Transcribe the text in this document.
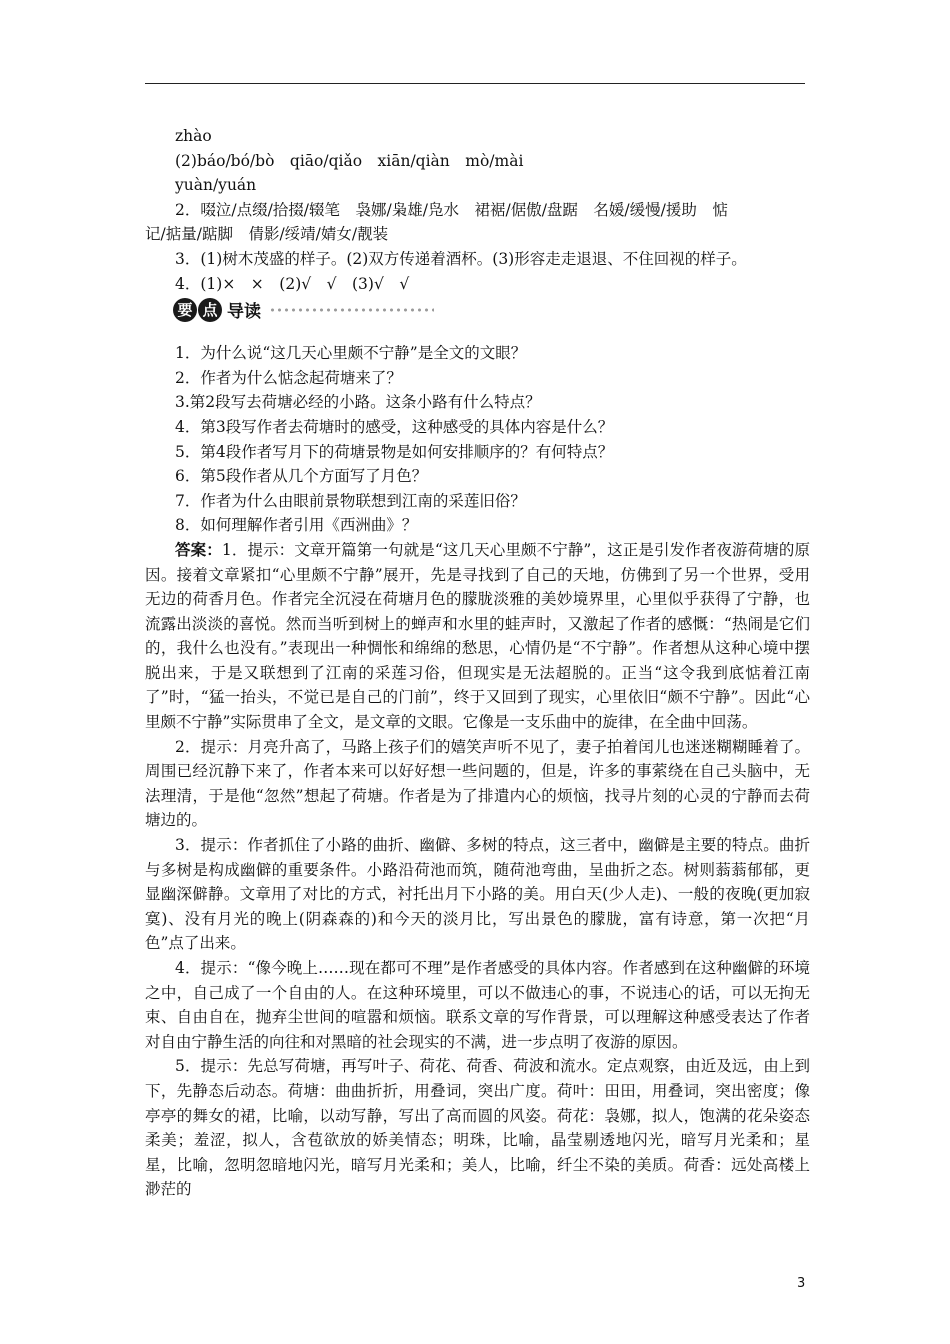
zhào
(2)báo/bó/bò　qiāo/qiǎo　xiān/qiàn　mò/mài
yuàn/yuán
2．啜泣/点缀/拾掇/辍笔　袅娜/枭雄/凫水　裙裾/倨傲/盘踞　名媛/缓慢/援助　惦
记/掂量/踮脚　倩影/绥靖/婧女/靓装
3．(1)树木茂盛的样子。(2)双方传递着酒杯。(3)形容走走退退、不住回视的样子。
4．(1)×　×　(2)√　√　(3)√　√
要 点 导读
1．为什么说“这几天心里颇不宁静”是全文的文眼？
2．作者为什么惦念起荷塘来了？
3.第2段写去荷塘必经的小路。这条小路有什么特点？
4．第3段写作者去荷塘时的感受，这种感受的具体内容是什么？
5．第4段作者写月下的荷塘景物是如何安排顺序的？有何特点？
6．第5段作者从几个方面写了月色？
7．作者为什么由眼前景物联想到江南的采莲旧俗？
8．如何理解作者引用《西洲曲》？

答案：1．提示：文章开篇第一句就是“这几天心里颇不宁静”，这正是引发作者夜游荷塘的原因。接着文章紧扣“心里颇不宁静”展开，先是寻找到了自己的天地，仿佛到了另一个世界，受用无边的荷香月色。作者完全沉浸在荷塘月色的朦胧淡雅的美妙境界里，心里似乎获得了宁静，也流露出淡淡的喜悦。然而当听到树上的蝉声和水里的蛙声时，又激起了作者的感慨：“热闹是它们的，我什么也没有。”表现出一种惆怅和绵绵的愁思，心情仍是“不宁静”。作者想从这种心境中摆脱出来，于是又联想到了江南的采莲习俗，但现实是无法超脱的。正当“这令我到底惦着江南了”时，“猛一抬头，不觉已是自己的门前”，终于又回到了现实，心里依旧“颇不宁静”。因此“心里颇不宁静”实际贯串了全文，是文章的文眼。它像是一支乐曲中的旋律，在全曲中回荡。

2．提示：月亮升高了，马路上孩子们的嬉笑声听不见了，妻子拍着闰儿也迷迷糊糊睡着了。周围已经沉静下来了，作者本来可以好好想一些问题的，但是，许多的事萦绕在自己头脑中，无法理清，于是他“忽然”想起了荷塘。作者是为了排遣内心的烦恼，找寻片刻的心灵的宁静而去荷塘边的。

3．提示：作者抓住了小路的曲折、幽僻、多树的特点，这三者中，幽僻是主要的特点。曲折与多树是构成幽僻的重要条件。小路沿荷池而筑，随荷池弯曲，呈曲折之态。树则蓊蓊郁郁，更显幽深僻静。文章用了对比的方式，衬托出月下小路的美。用白天(少人走)、一般的夜晚(更加寂寞)、没有月光的晚上(阴森森的)和今天的淡月比，写出景色的朦胧，富有诗意，第一次把“月色”点了出来。

4．提示：“像今晚上……现在都可不理”是作者感受的具体内容。作者感到在这种幽僻的环境之中，自己成了一个自由的人。在这种环境里，可以不做违心的事，不说违心的话，可以无拘无束、自由自在，抛弃尘世间的喧嚣和烦恼。联系文章的写作背景，可以理解这种感受表达了作者对自由宁静生活的向往和对黑暗的社会现实的不满，进一步点明了夜游的原因。

5．提示：先总写荷塘，再写叶子、荷花、荷香、荷波和流水。定点观察，由近及远，由上到下，先静态后动态。荷塘：曲曲折折，用叠词，突出广度。荷叶：田田，用叠词，突出密度；像亭亭的舞女的裙，比喻，以动写静，写出了高而圆的风姿。荷花：袅娜，拟人，饱满的花朵姿态柔美；羞涩，拟人，含苞欲放的娇美情态；明珠，比喻，晶莹剔透地闪光，暗写月光柔和；星星，比喻，忽明忽暗地闪光，暗写月光柔和；美人，比喻，纤尘不染的美质。荷香：远处高楼上渺茫的

3
